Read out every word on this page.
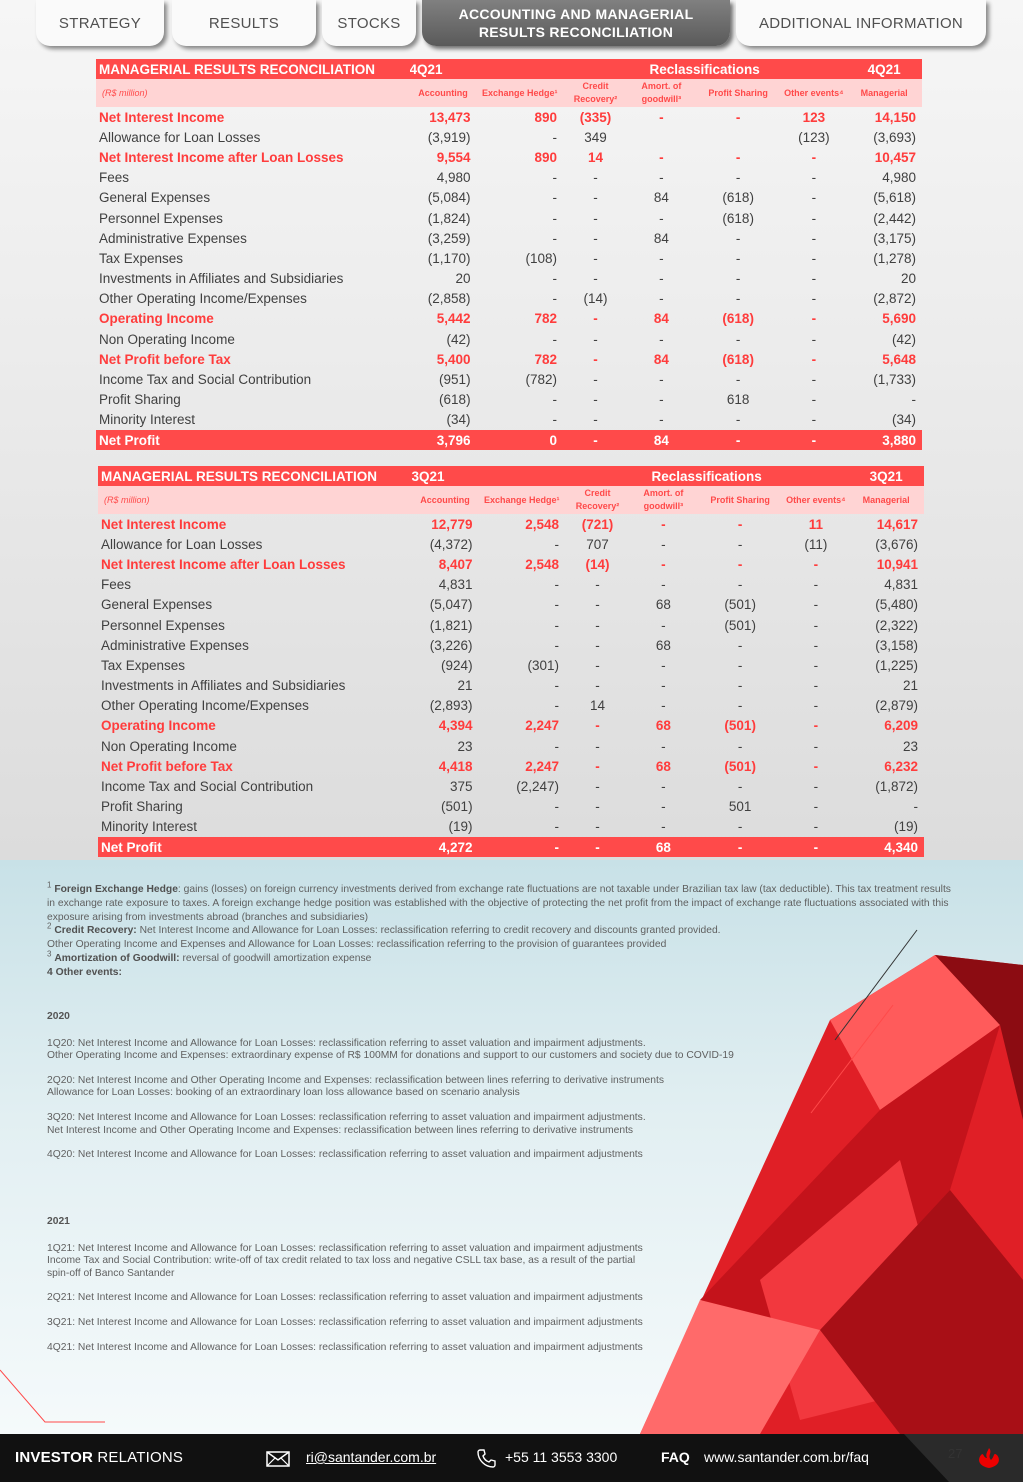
STRATEGY	RESULTS	STOCKS
ACCOUNTING AND MANAGERIAL RESULTS RECONCILIATION
ADDITIONAL INFORMATION
MANAGERIAL RESULTS RECONCILIATION	4Q21		Reclassifications				4Q21
(R$ million)	Accounting	Exchange Hedge¹	Credit Recovery²	Amort. of goodwill³	Profit Sharing	Other events⁴	Managerial
Net Interest Income	13,473	890	(335)	-	-	123	14,150
Allowance for Loan Losses	(3,919)	-	349			(123)	(3,693)
Net Interest Income after Loan Losses	9,554	890	14	-	-	-	10,457
Fees	4,980	-	-	-	-	-	4,980
General Expenses	(5,084)	-	-	84	(618)	-	(5,618)
Personnel Expenses	(1,824)	-	-	-	(618)	-	(2,442)
Administrative Expenses	(3,259)	-	-	84	-	-	(3,175)
Tax Expenses	(1,170)	(108)	-	-	-	-	(1,278)
Investments in Affiliates and Subsidiaries	20	-	-	-	-	-	20
Other Operating Income/Expenses	(2,858)	-	(14)	-	-	-	(2,872)
Operating Income	5,442	782	-	84	(618)	-	5,690
Non Operating Income	(42)	-	-	-	-	-	(42)
Net Profit before Tax	5,400	782	-	84	(618)	-	5,648
Income Tax and Social Contribution	(951)	(782)	-	-	-	-	(1,733)
Profit Sharing	(618)	-	-	-	618	-	-
Minority Interest	(34)	-	-	-	-	-	(34)
Net Profit	3,796	0	-	84	-	-	3,880
MANAGERIAL RESULTS RECONCILIATION	3Q21		Reclassifications				3Q21
(R$ million)	Accounting	Exchange Hedge¹	Credit Recovery²	Amort. of goodwill³	Profit Sharing	Other events⁴	Managerial
Net Interest Income	12,779	2,548	(721)	-	-	11	14,617
Allowance for Loan Losses	(4,372)	-	707	-	-	(11)	(3,676)
Net Interest Income after Loan Losses	8,407	2,548	(14)	-	-	-	10,941
Fees	4,831	-	-	-	-	-	4,831
General Expenses	(5,047)	-	-	68	(501)	-	(5,480)
Personnel Expenses	(1,821)	-	-	-	(501)	-	(2,322)
Administrative Expenses	(3,226)	-	-	68	-	-	(3,158)
Tax Expenses	(924)	(301)	-	-	-	-	(1,225)
Investments in Affiliates and Subsidiaries	21	-	-	-	-	-	21
Other Operating Income/Expenses	(2,893)	-	14	-	-	-	(2,879)
Operating Income	4,394	2,247	-	68	(501)	-	6,209
Non Operating Income	23	-	-	-	-	-	23
Net Profit before Tax	4,418	2,247	-	68	(501)	-	6,232
Income Tax and Social Contribution	375	(2,247)	-	-	-	-	(1,872)
Profit Sharing	(501)	-	-	-	501	-	-
Minority Interest	(19)	-	-	-	-	-	(19)
Net Profit	4,272	-	-	68	-	-	4,340
$^1$ Foreign Exchange Hedge: gains (losses) on foreign currency investments derived from exchange rate fluctuations are not taxable under Brazilian tax law (tax deductible). This tax treatment results in exchange rate exposure to taxes. A foreign exchange hedge position was established with the objective of protecting the net profit from the impact of exchange rate fluctuations associated with this exposure arising from investments abroad (branches and subsidiaries)
$^2$ Credit Recovery: Net Interest Income and Allowance for Loan Losses: reclassification referring to credit recovery and discounts granted provided.
Other Operating Income and Expenses and Allowance for Loan Losses: reclassification referring to the provision of guarantees provided
$^3$ Amortization of Goodwill: reversal of goodwill amortization expense
4 Other events:
2020
1Q20: Net Interest Income and Allowance for Loan Losses: reclassification referring to asset valuation and impairment adjustments.
Other Operating Income and Expenses: extraordinary expense of R$ 100MM for donations and support to our customers and society due to COVID-19
2Q20: Net Interest Income and Other Operating Income and Expenses: reclassification between lines referring to derivative instruments
Allowance for Loan Losses: booking of an extraordinary loan loss allowance based on scenario analysis
3Q20: Net Interest Income and Allowance for Loan Losses: reclassification referring to asset valuation and impairment adjustments.
Net Interest Income and Other Operating Income and Expenses: reclassification between lines referring to derivative instruments
4Q20: Net Interest Income and Allowance for Loan Losses: reclassification referring to asset valuation and impairment adjustments
2021
1Q21: Net Interest Income and Allowance for Loan Losses: reclassification referring to asset valuation and impairment adjustments
Income Tax and Social Contribution: write-off of tax credit related to tax loss and negative CSLL tax base, as a result of the partial spin-off of Banco Santander
2Q21: Net Interest Income and Allowance for Loan Losses: reclassification referring to asset valuation and impairment adjustments
3Q21: Net Interest Income and Allowance for Loan Losses: reclassification referring to asset valuation and impairment adjustments
4Q21: Net Interest Income and Allowance for Loan Losses: reclassification referring to asset valuation and impairment adjustments
INVESTOR RELATIONS	ri@santander.com.br	+55 11 3553 3300	FAQ www.santander.com.br/faq	27
